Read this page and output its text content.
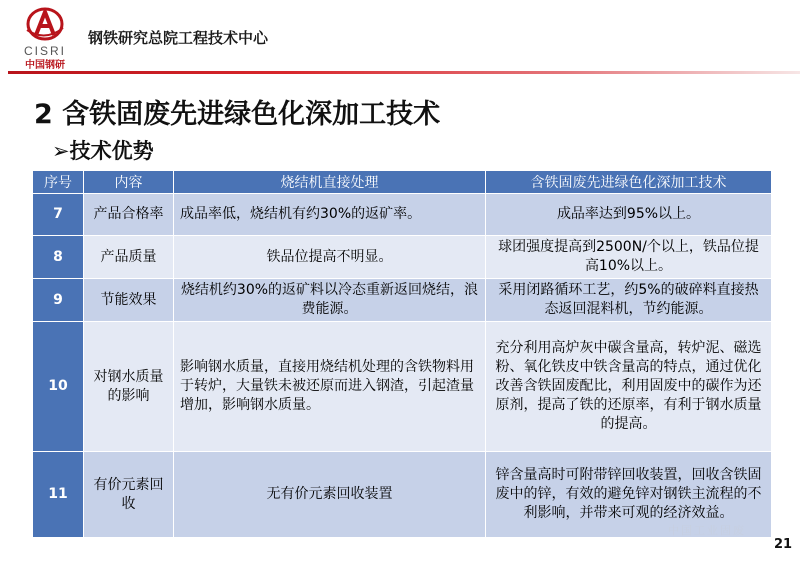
CISRI
中国钢研
钢铁研究总院工程技术中心
2 含铁固废先进绿色化深加工技术
➢技术优势
序号	内容	烧结机直接处理	含铁固废先进绿色化深加工技术
7	产品合格率	成品率低，烧结机有约30%的返矿率。	成品率达到95%以上。
8	产品质量	铁品位提高不明显。	球团强度提高到2500N/个以上，铁品位提高10%以上。
9	节能效果	烧结机约30%的返矿料以冷态重新返回烧结，浪费能源。	采用闭路循环工艺，约5%的破碎料直接热态返回混料机，节约能源。
10	对钢水质量的影响	影响钢水质量，直接用烧结机处理的含铁物料用于转炉，大量铁未被还原而进入钢渣，引起渣量增加，影响钢水质量。	充分利用高炉灰中碳含量高，转炉泥、磁选粉、氧化铁皮中铁含量高的特点，通过优化改善含铁固废配比，利用固废中的碳作为还原剂，提高了铁的还原率，有利于钢水质量的提高。
11	有价元素回收	无有价元素回收装置	锌含量高时可附带锌回收装置，回收含铁固废中的锌，有效的避免锌对钢铁主流程的不利影响，并带来可观的经济效益。
中国工业固废
21
